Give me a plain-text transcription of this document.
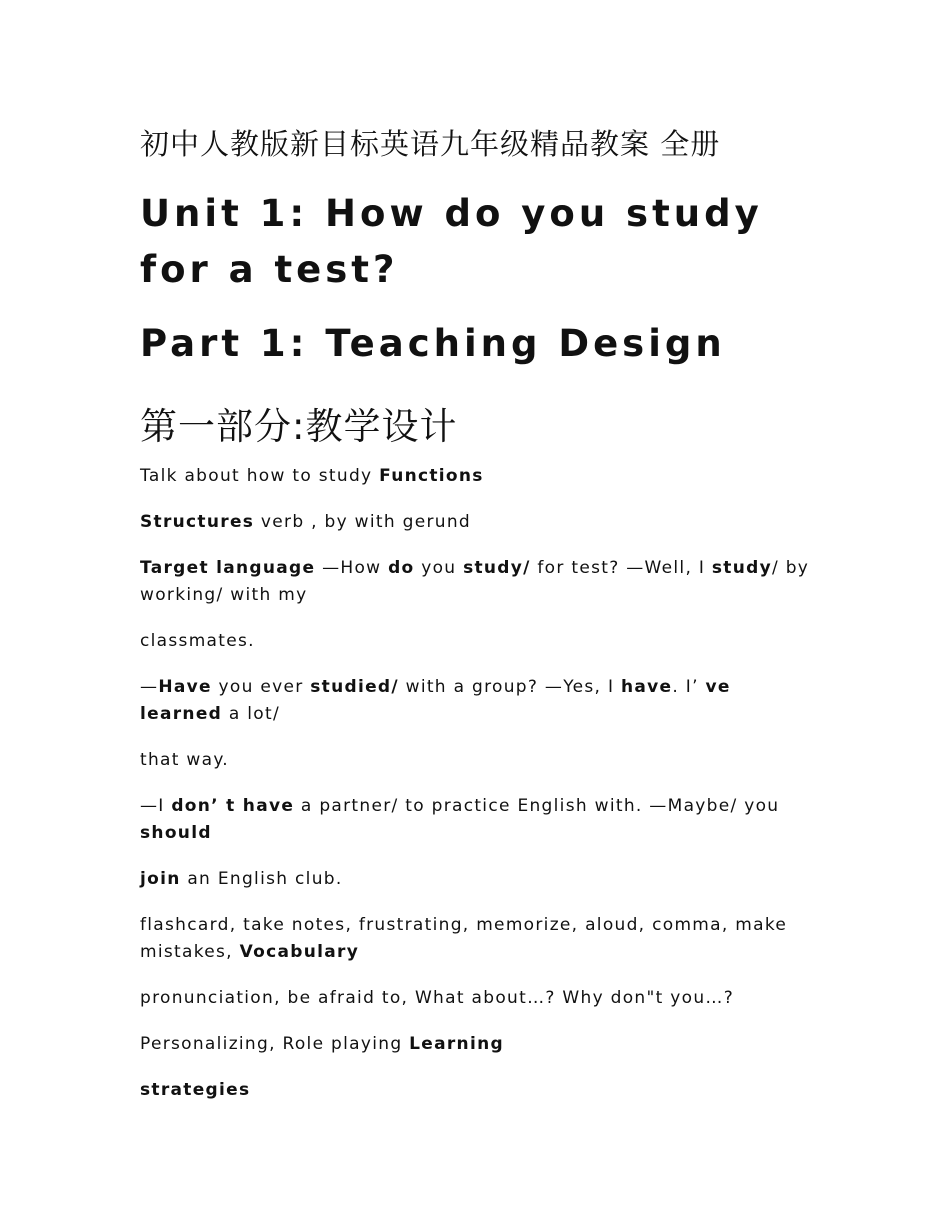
初中人教版新目标英语九年级精品教案 全册
Unit 1: How do you study for a test?
Part 1: Teaching Design
第一部分:教学设计

Talk about how to study Functions

Structures verb , by with gerund

Target language —How do you study/ for test? —Well, I study/ by working/ with my

classmates.

—Have you ever studied/ with a group? —Yes, I have. I’ ve learned a lot/

that way.

—I don’ t have a partner/ to practice English with. —Maybe/ you should

join an English club.

flashcard, take notes, frustrating, memorize, aloud, comma, make mistakes, Vocabulary

pronunciation, be afraid to, What about…? Why don"t you…?

Personalizing, Role playing Learning

strategies
